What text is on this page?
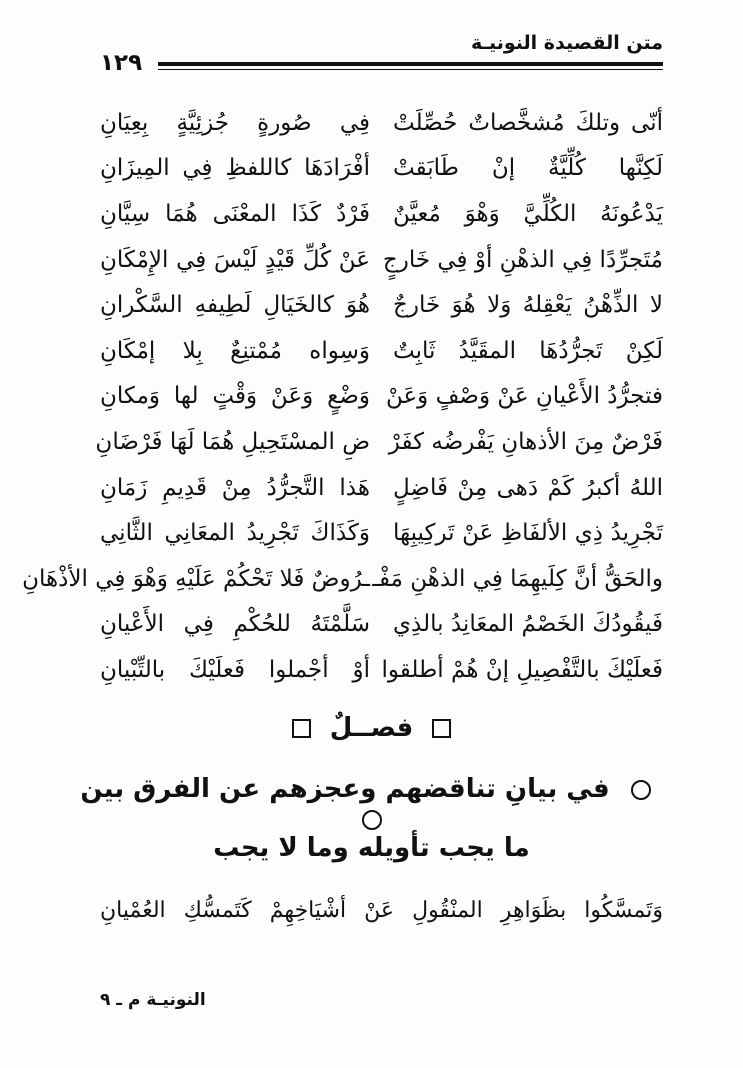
متن القصيدة النونيـة
١٢٩
أنّى وتلكَ مُشخَّصاتٌ حُصِّلَتْ
فِي صُورةٍ جُزئِيَّةٍ بِعِيَانِ
لَكِنَّها كُلِّيَّةٌ إنْ طَابَقتْ
أفْرَادَهَا كاللفظِ فِي المِيزَانِ
يَدْعُونَهُ الكُلِّيَّ وَهْوَ مُعيَّنٌ
فَرْدٌ كَذَا المعْنَى هُمَا سِيَّانِ
مُتَجرِّدًا فِي الذهْنِ أوْ فِي خَارجٍ
عَنْ كُلِّ قَيْدٍ لَيْسَ فِي الإِمْكَانِ
لا الذِّهْنُ يَعْقِلهُ وَلا هُوَ خَارجٌ
هُوَ كالخَيَالِ لَطِيفهِ السَّكْرانِ
لَكِنْ تَجرُّدُهَا المقَيَّدُ ثَابِتٌ
وَسِواه مُمْتنِعٌ بِلا إمْكَانِ
فتجرُّدُ الأَعْيانِ عَنْ وَصْفٍ وَعَنْ
وَضْعٍ وَعَنْ وَقْتٍ لها وَمكانِ
فَرْضٌ مِنَ الأذهانِ يَفْرضُه كفَرْ
ضِ المسْتَحِيلِ هُمَا لَهَا فَرْضَانِ
اللهُ أكبرُ كَمْ دَهى مِنْ فَاضِلٍ
هَذا التَّجرُّدُ مِنْ قَدِيمِ زَمَانِ
تَجْرِيدُ ذِي الألفَاظِ عَنْ تَركِيبِهَا
وَكَذَاكَ تَجْرِيدُ المعَانِي الثَّانِي
والحَقُّ أنَّ كِلَيهِمَا فِي الذهْنِ مَفْـ
ـرُوضٌ فَلا تَحْكُمْ عَلَيْهِ وَهْوَ فِي الأذْهَانِ
فَيقُودُكَ الخَصْمُ المعَانِدُ بالذِي
سَلَّمْتَهُ للحُكْمِ فِي الأَعْيانِ
فَعلَيْكَ بالتَّفْصِيلِ إنْ هُمْ أطلقوا
أوْ أجْملوا فَعلَيْكَ بالتِّبْيانِ
فصــلٌ
في بيانِ تناقضهم وعجزهم عن الفرق بين
ما يجب تأويله وما لا يجب
وَتَمسَّكُوا بظَوَاهِرِ المنْقُولِ عَنْ أشْيَاخِهِمْ كَتَمسُّكِ العُمْيانِ
النونيـة م ـ ٩
